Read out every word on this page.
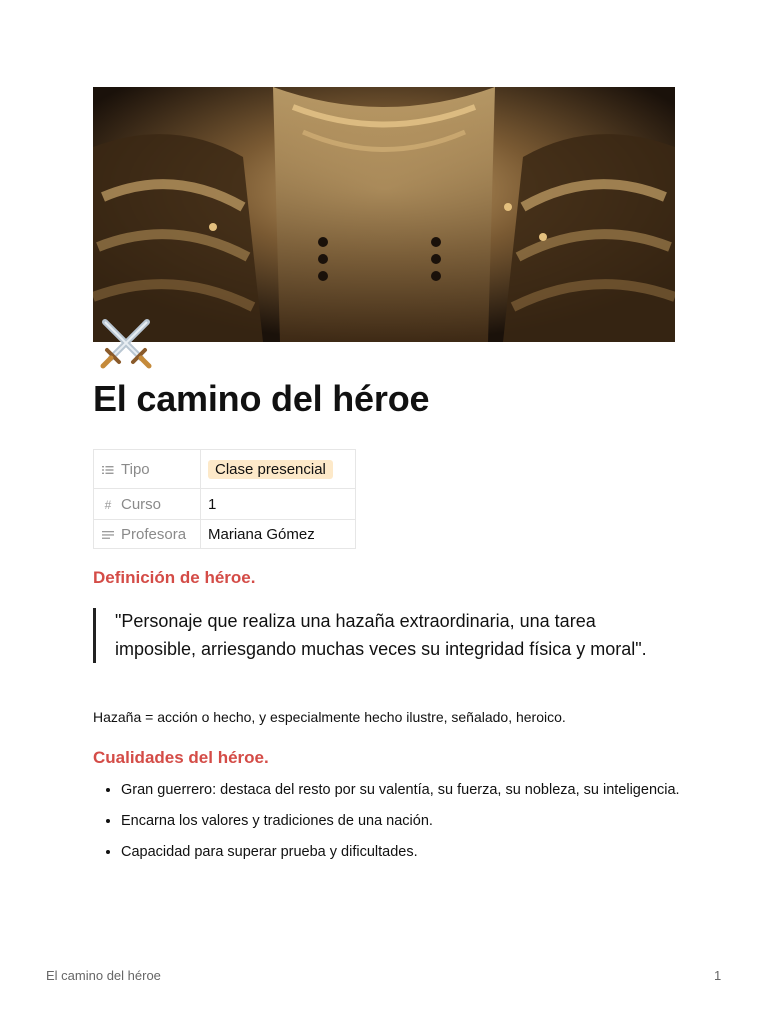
El camino del héroe
Tipo	Clase presencial
# Curso	1
Profesora	Mariana Gómez
Definición de héroe.
"Personaje que realiza una hazaña extraordinaria, una tarea imposible, arriesgando muchas veces su integridad física y moral".

Hazaña = acción o hecho, y especialmente hecho ilustre, señalado, heroico.

Cualidades del héroe.
• Gran guerrero: destaca del resto por su valentía, su fuerza, su nobleza, su inteligencia.
• Encarna los valores y tradiciones de una nación.
• Capacidad para superar prueba y dificultades.
El camino del héroe	1
